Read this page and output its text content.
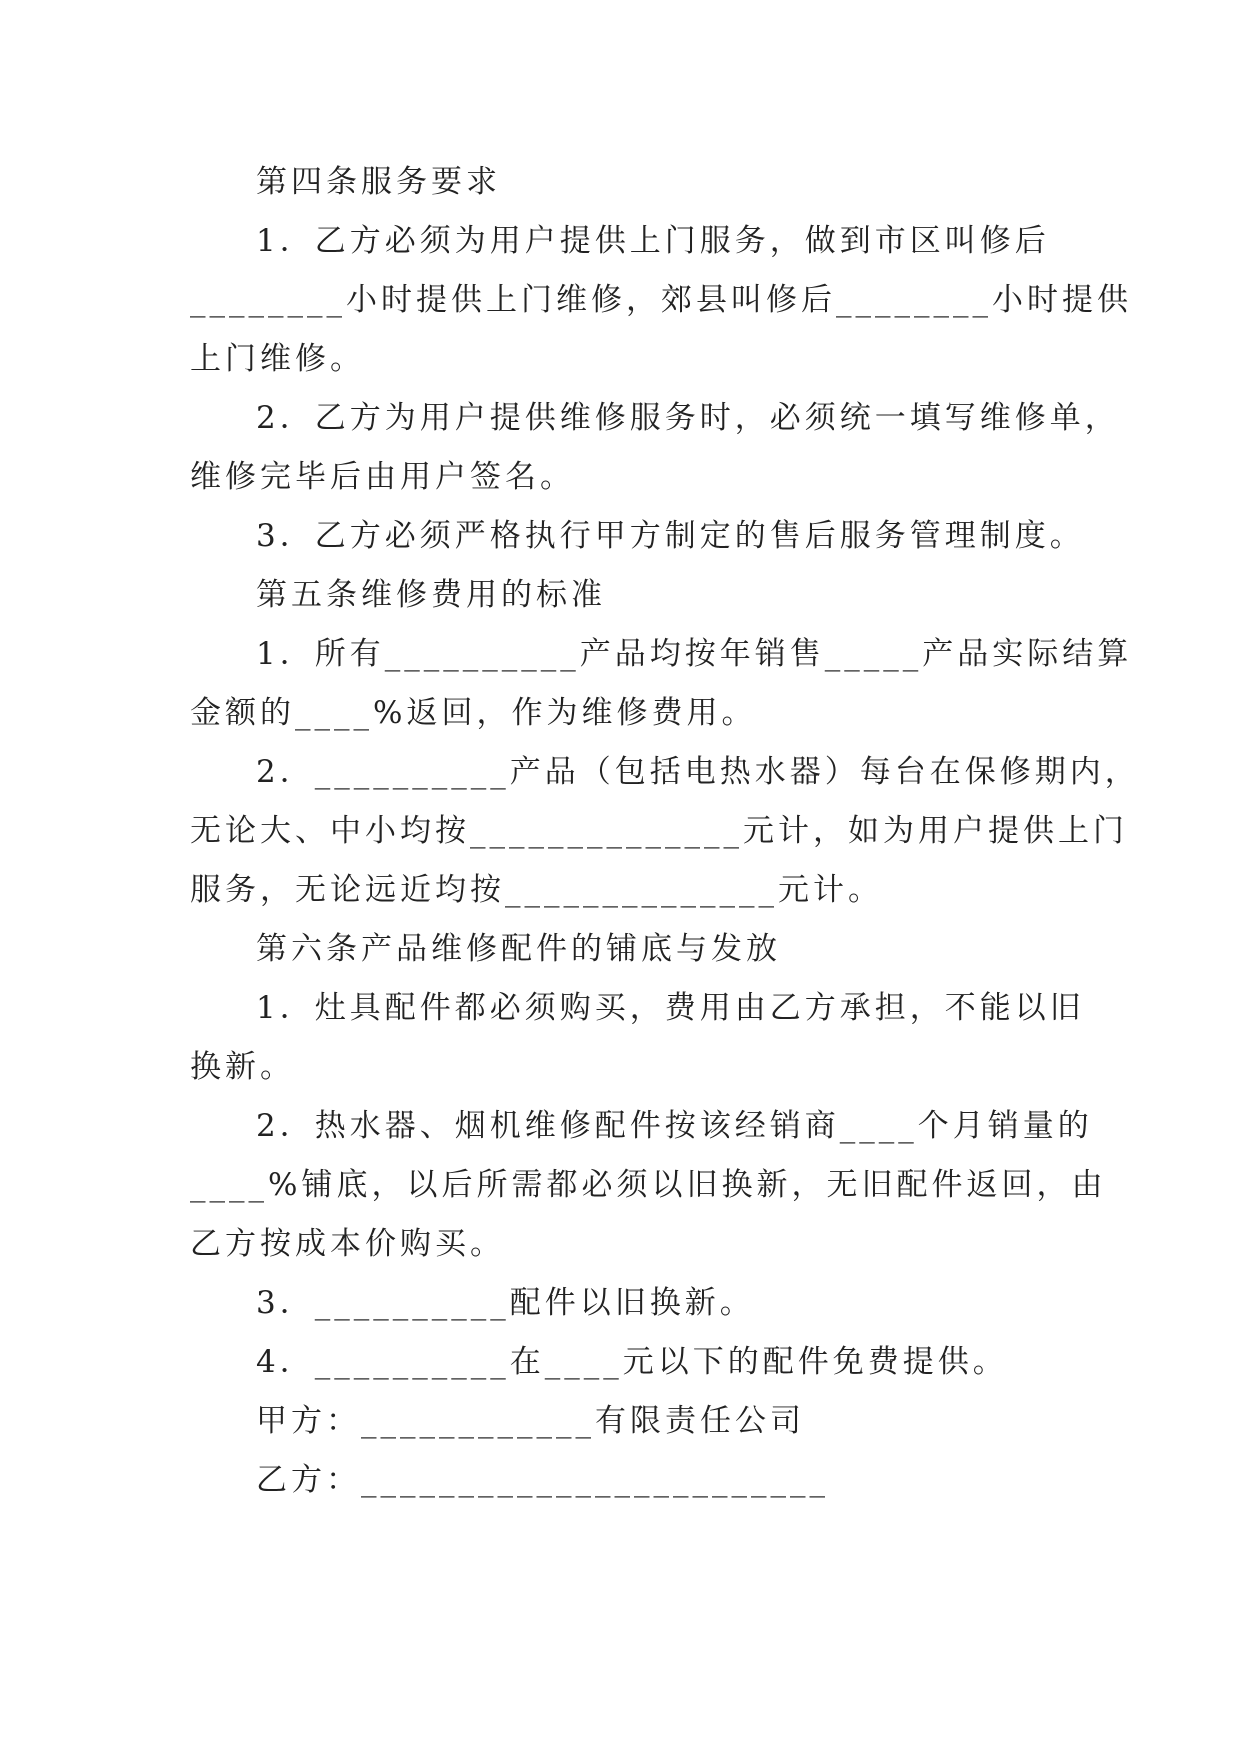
第四条服务要求

1．乙方必须为用户提供上门服务，做到市区叫修后

________小时提供上门维修，郊县叫修后________小时提供

上门维修。

2．乙方为用户提供维修服务时，必须统一填写维修单，

维修完毕后由用户签名。

3．乙方必须严格执行甲方制定的售后服务管理制度。

第五条维修费用的标准

1．所有__________产品均按年销售_____产品实际结算

金额的____%返回，作为维修费用。

2．__________产品（包括电热水器）每台在保修期内，

无论大、中小均按______________元计，如为用户提供上门

服务，无论远近均按______________元计。

第六条产品维修配件的铺底与发放

1．灶具配件都必须购买，费用由乙方承担，不能以旧

换新。

2．热水器、烟机维修配件按该经销商____个月销量的

____%铺底，以后所需都必须以旧换新，无旧配件返回，由

乙方按成本价购买。

3．__________配件以旧换新。

4．__________在____元以下的配件免费提供。

甲方：____________有限责任公司

乙方：________________________
